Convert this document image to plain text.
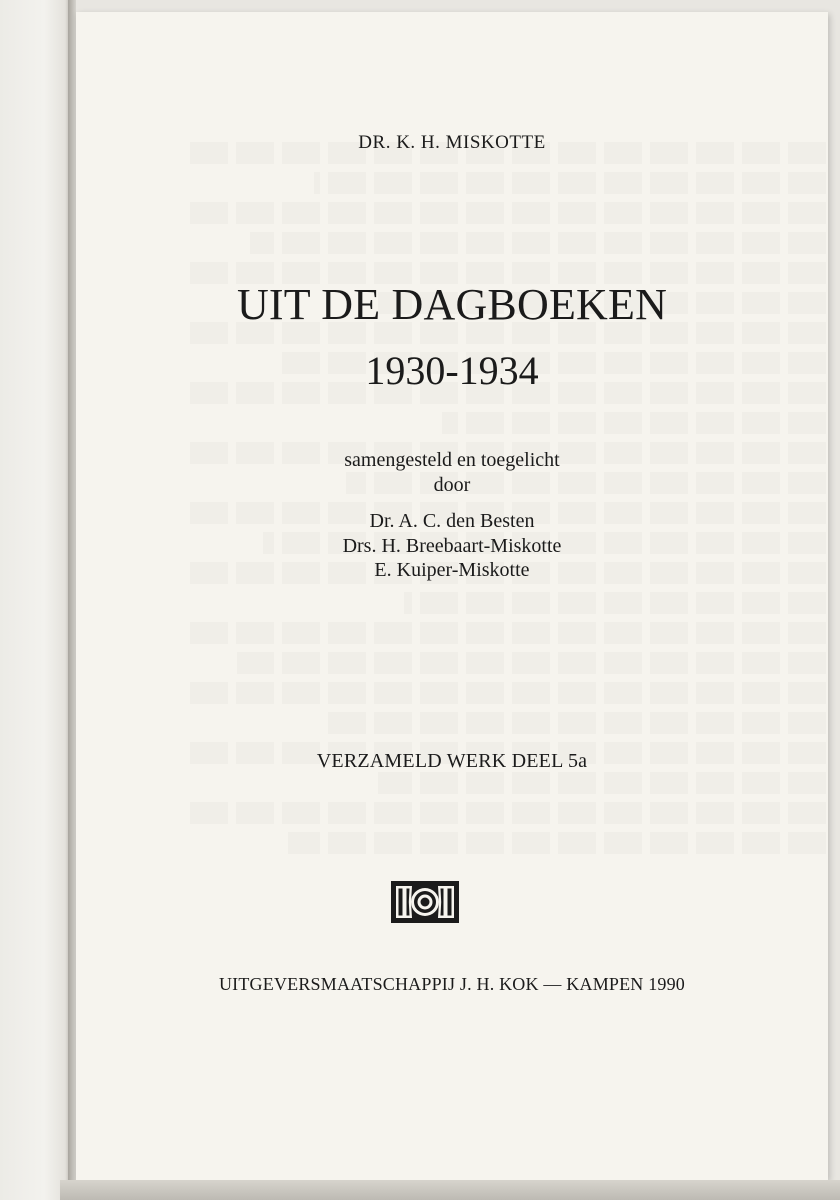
DR. K. H. MISKOTTE
UIT DE DAGBOEKEN
1930-1934
samengesteld en toegelicht
door
Dr. A. C. den Besten
Drs. H. Breebaart-Miskotte
E. Kuiper-Miskotte
VERZAMELD WERK DEEL 5a
UITGEVERSMAATSCHAPPIJ J. H. KOK — KAMPEN 1990
